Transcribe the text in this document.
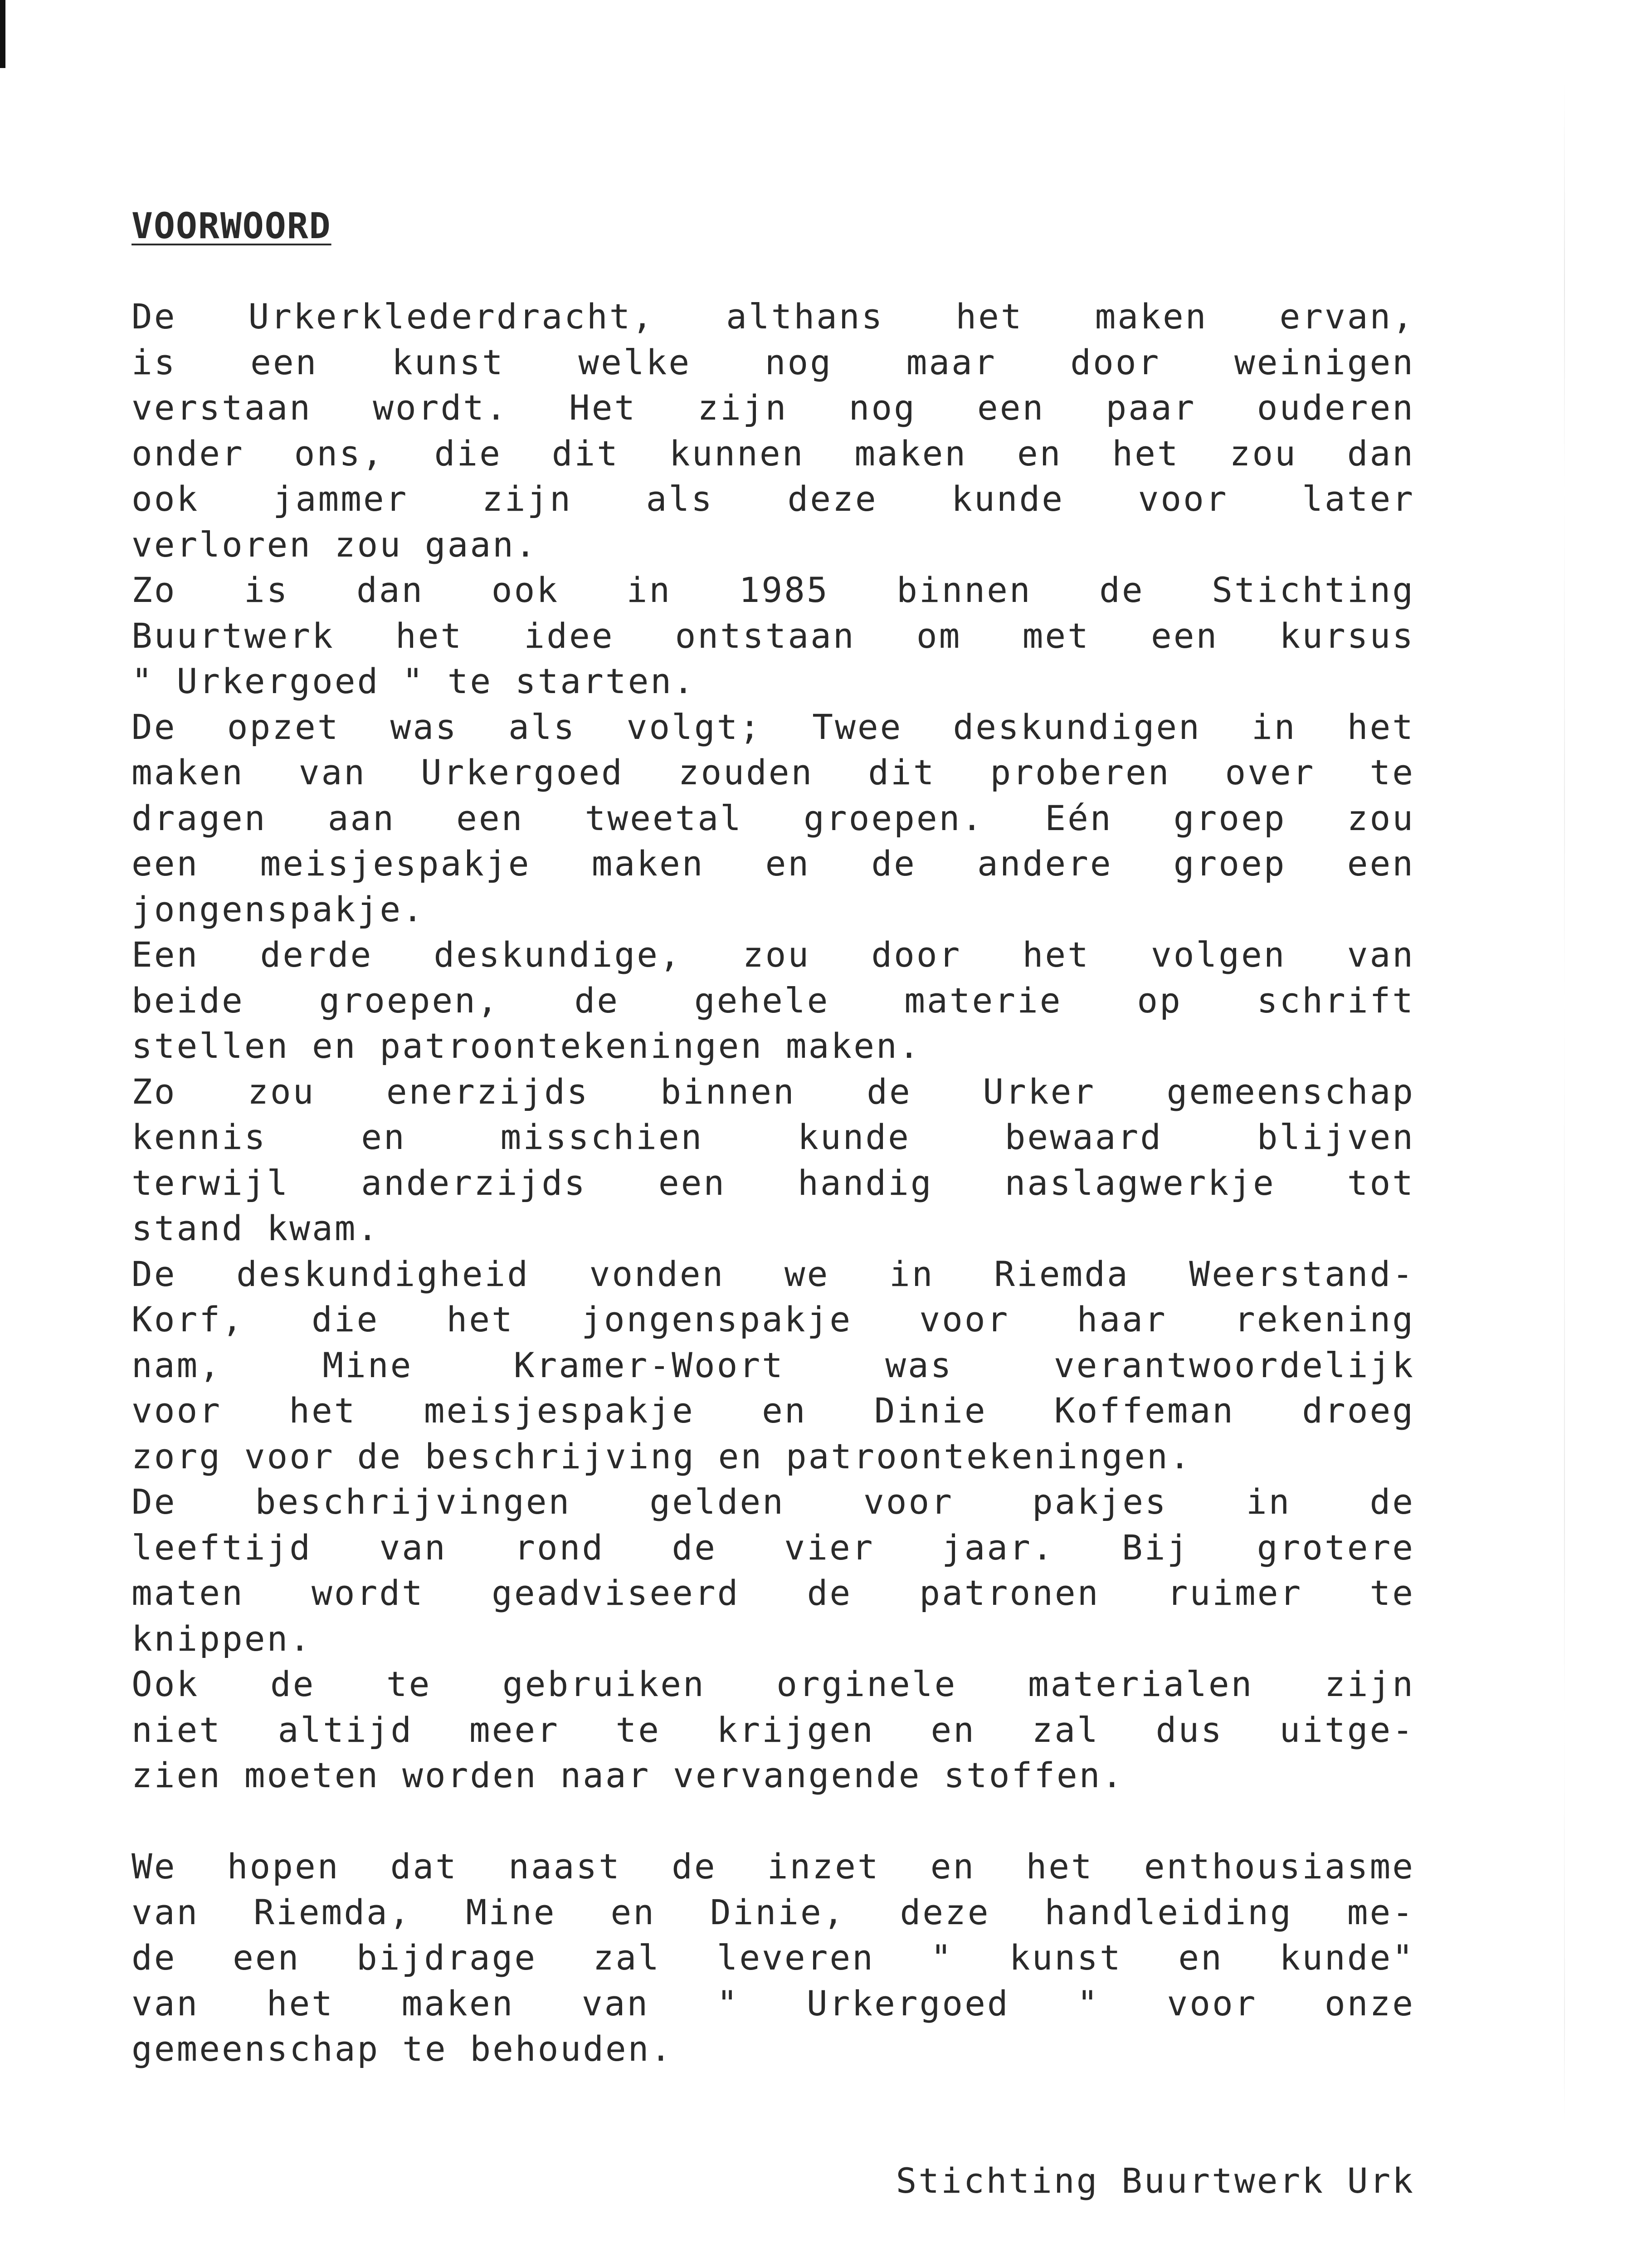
VOORWOORD
De Urkerklederdracht, althans het maken ervan,
is een kunst welke nog maar door weinigen
verstaan wordt. Het zijn nog een paar ouderen
onder ons, die dit kunnen maken en het zou dan
ook jammer zijn als deze kunde voor later
verloren zou gaan.
Zo is dan ook in 1985 binnen de Stichting
Buurtwerk het idee ontstaan om met een kursus
" Urkergoed " te starten.
De opzet was als volgt; Twee deskundigen in het
maken van Urkergoed zouden dit proberen over te
dragen aan een tweetal groepen. Eén groep zou
een meisjespakje maken en de andere groep een
jongenspakje.
Een derde deskundige, zou door het volgen van
beide groepen, de gehele materie op schrift
stellen en patroontekeningen maken.
Zo zou enerzijds binnen de Urker gemeenschap
kennis en misschien kunde bewaard blijven
terwijl anderzijds een handig naslagwerkje tot
stand kwam.
De deskundigheid vonden we in Riemda Weerstand-
Korf, die het jongenspakje voor haar rekening
nam, Mine Kramer-Woort was verantwoordelijk
voor het meisjespakje en Dinie Koffeman droeg
zorg voor de beschrijving en patroontekeningen.
De beschrijvingen gelden voor pakjes in de
leeftijd van rond de vier jaar. Bij grotere
maten wordt geadviseerd de patronen ruimer te
knippen.
Ook de te gebruiken orginele materialen zijn
niet altijd meer te krijgen en zal dus uitge-
zien moeten worden naar vervangende stoffen.
We hopen dat naast de inzet en het enthousiasme
van Riemda, Mine en Dinie, deze handleiding me-
de een bijdrage zal leveren " kunst en kunde"
van het maken van " Urkergoed " voor onze
gemeenschap te behouden.
Stichting Buurtwerk Urk
